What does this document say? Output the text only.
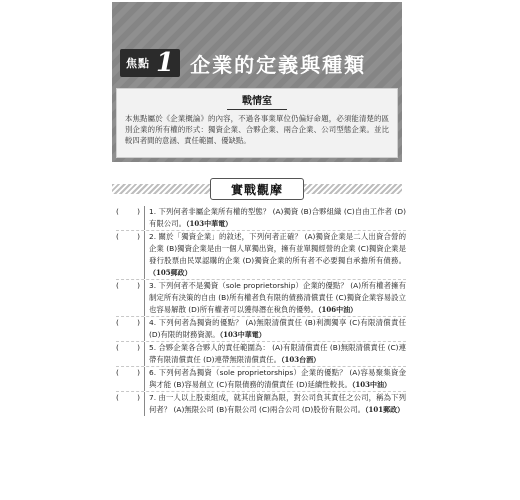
焦點 1 企業的定義與種類
戰情室
本焦點屬於《企業概論》的內容，不過各事業單位仍偏好命題，必須能清楚的區別企業的所有權的形式：獨資企業、合夥企業、兩合企業、公司型態企業。並比較四者間的意涵、責任範圍、優缺點。
實戰觀摩
( )	1. 下列何者非屬企業所有權的型態？ (A)獨資 (B)合夥組織 (C)自由工作者 (D)有限公司。（103中華電）
( )	2. 關於「獨資企業」的敘述，下列何者正確？ (A)獨資企業是二人出資合營的企業 (B)獨資企業是由一個人單獨出資，擁有並單獨經營的企業 (C)獨資企業是發行股票由民眾認購的企業 (D)獨資企業的所有者不必要獨自承擔所有債務。（105郵政）
( )	3. 下列何者不是獨資（sole proprietorship）企業的優點？ (A)所有權者擁有制定所有決策的自由 (B)所有權者負有限的債務清償責任 (C)獨資企業容易設立也容易解散 (D)所有權者可以獲得潛在稅負的優勢。（106中油）
( )	4. 下列何者為獨資的優點？ (A)無限清償責任 (B)利潤獨享 (C)有限清償責任 (D)有限的財務資源。（103中華電）
( )	5. 合夥企業各合夥人的責任範圍為： (A)有限清償責任 (B)無限清償責任 (C)連帶有限清償責任 (D)連帶無限清償責任。（103台酒）
( )	6. 下列何者為獨資（sole proprietorships）企業的優點？ (A)容易聚集資金與才能 (B)容易創立 (C)有限債務的清償責任 (D)延續性較長。（103中油）
( )	7. 由一人以上股東組成，就其出資額為限，對公司負其責任之公司，稱為下列何者？ (A)無限公司 (B)有限公司 (C)兩合公司 (D)股份有限公司。（101郵政）
